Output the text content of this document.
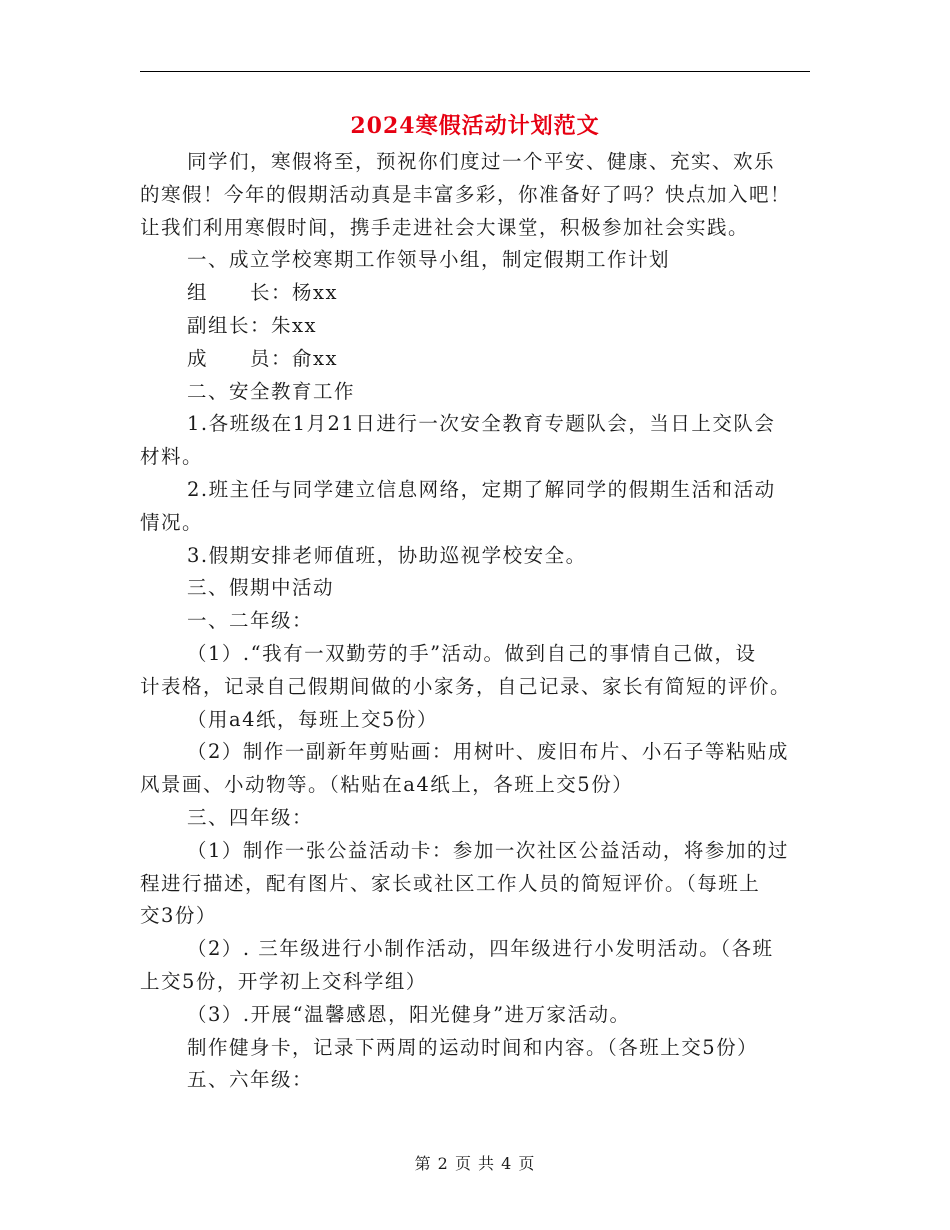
2024寒假活动计划范文

同学们，寒假将至，预祝你们度过一个平安、健康、充实、欢乐

的寒假！今年的假期活动真是丰富多彩，你准备好了吗？快点加入吧！

让我们利用寒假时间，携手走进社会大课堂，积极参加社会实践。

一、成立学校寒期工作领导小组，制定假期工作计划

组　　长：杨xx

副组长：朱xx

成　　员：俞xx

二、安全教育工作

1.各班级在1月21日进行一次安全教育专题队会，当日上交队会

材料。

2.班主任与同学建立信息网络，定期了解同学的假期生活和活动

情况。

3.假期安排老师值班，协助巡视学校安全。

三、假期中活动

一、二年级：

（1）.“我有一双勤劳的手”活动。做到自己的事情自己做，设

计表格，记录自己假期间做的小家务，自己记录、家长有简短的评价。

（用a4纸，每班上交5份）

（2）制作一副新年剪贴画：用树叶、废旧布片、小石子等粘贴成

风景画、小动物等。（粘贴在a4纸上，各班上交5份）

三、四年级：

（1）制作一张公益活动卡：参加一次社区公益活动，将参加的过

程进行描述，配有图片、家长或社区工作人员的简短评价。（每班上

交3份）

（2）. 三年级进行小制作活动，四年级进行小发明活动。（各班

上交5份，开学初上交科学组）

（3）.开展“温馨感恩，阳光健身”进万家活动。

制作健身卡，记录下两周的运动时间和内容。（各班上交5份）

五、六年级：

第 2 页 共 4 页
